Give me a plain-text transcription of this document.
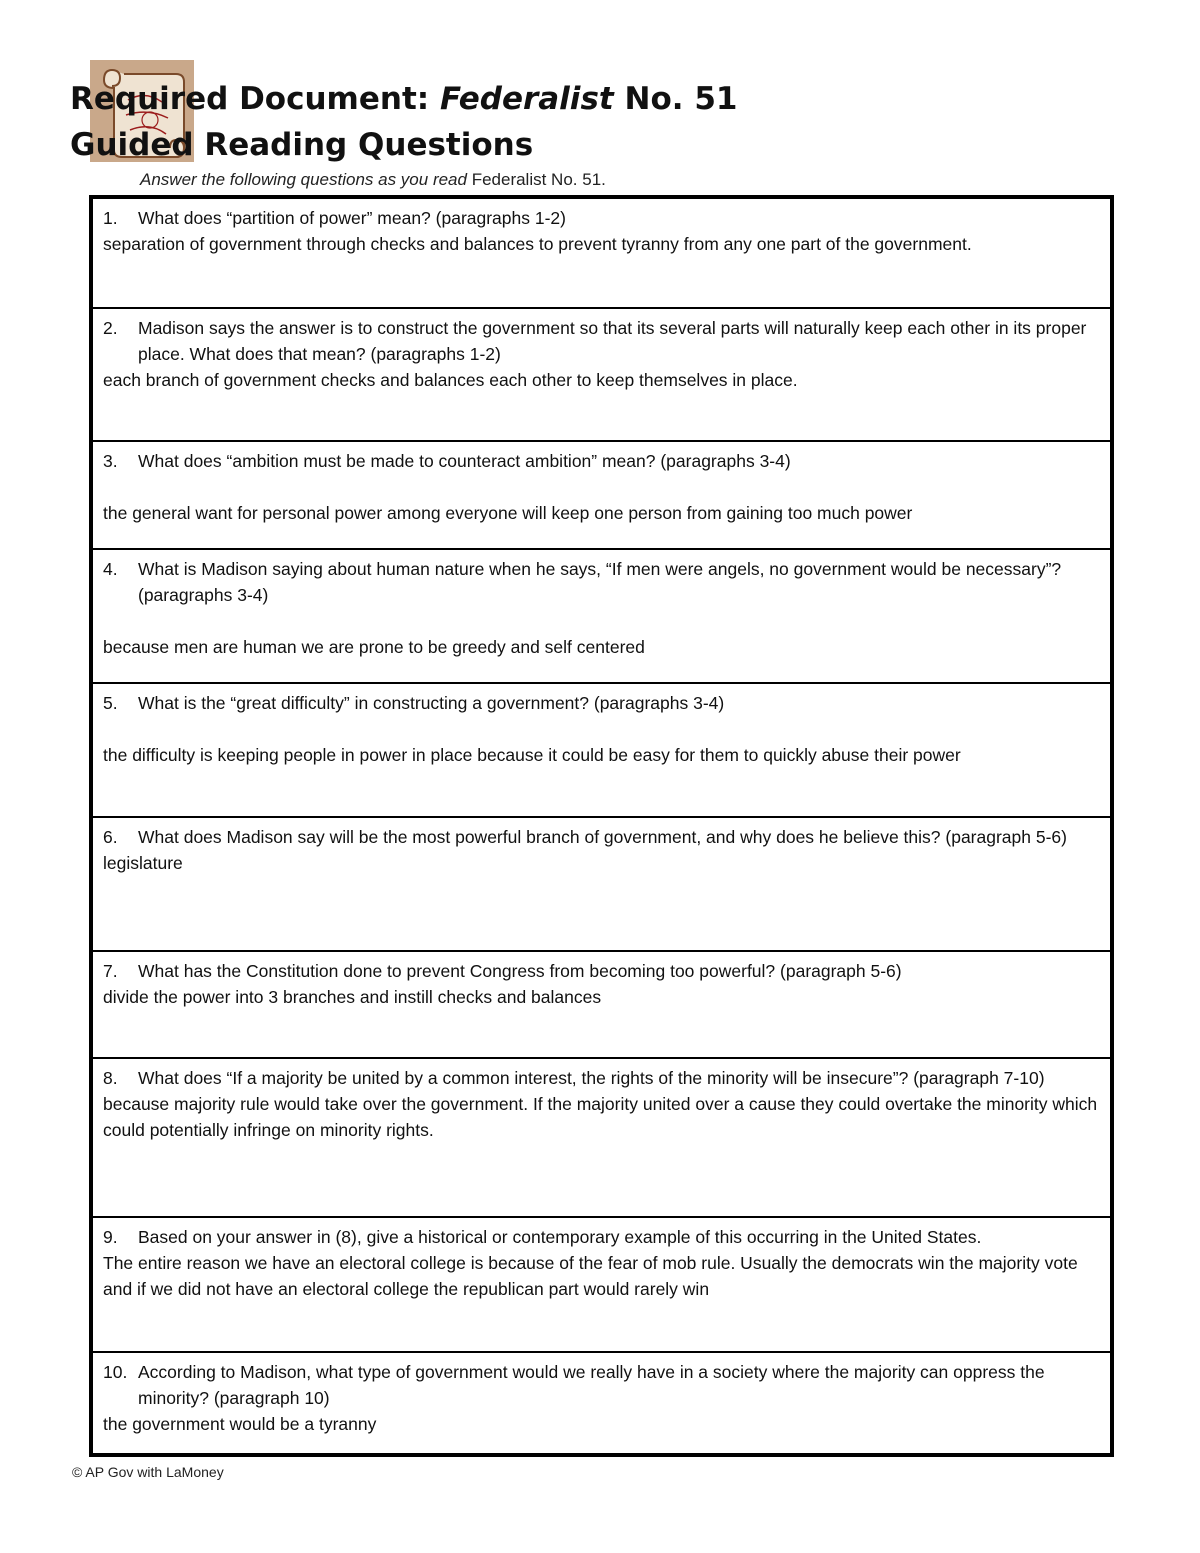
Required Document: Federalist No. 51
Guided Reading Questions
Answer the following questions as you read Federalist No. 51.
1. What does “partition of power” mean? (paragraphs 1-2)

separation of government through checks and balances to prevent tyranny from any one part of the government.

2. Madison says the answer is to construct the government so that its several parts will naturally keep each other in its proper place. What does that mean? (paragraphs 1-2)

each branch of government checks and balances each other to keep themselves in place.

3. What does “ambition must be made to counteract ambition” mean? (paragraphs 3-4)

the general want for personal power among everyone will keep one person from gaining too much power

4. What is Madison saying about human nature when he says, “If men were angels, no government would be necessary”? (paragraphs 3-4)

because men are human we are prone to be greedy and self centered

5. What is the “great difficulty” in constructing a government? (paragraphs 3-4)

the difficulty is keeping people in power in place because it could be easy for them to quickly abuse their power

6. What does Madison say will be the most powerful branch of government, and why does he believe this? (paragraph 5-6)

legislature

7. What has the Constitution done to prevent Congress from becoming too powerful? (paragraph 5-6)

divide the power into 3 branches and instill checks and balances

8. What does “If a majority be united by a common interest, the rights of the minority will be insecure”? (paragraph 7-10)

because majority rule would take over the government. If the majority united over a cause they could overtake the minority which could potentially infringe on minority rights.

9. Based on your answer in (8), give a historical or contemporary example of this occurring in the United States.

The entire reason we have an electoral college is because of the fear of mob rule. Usually the democrats win the majority vote and if we did not have an electoral college the republican part would rarely win

10. According to Madison, what type of government would we really have in a society where the majority can oppress the minority? (paragraph 10)

the government would be a tyranny

© AP Gov with LaMoney
